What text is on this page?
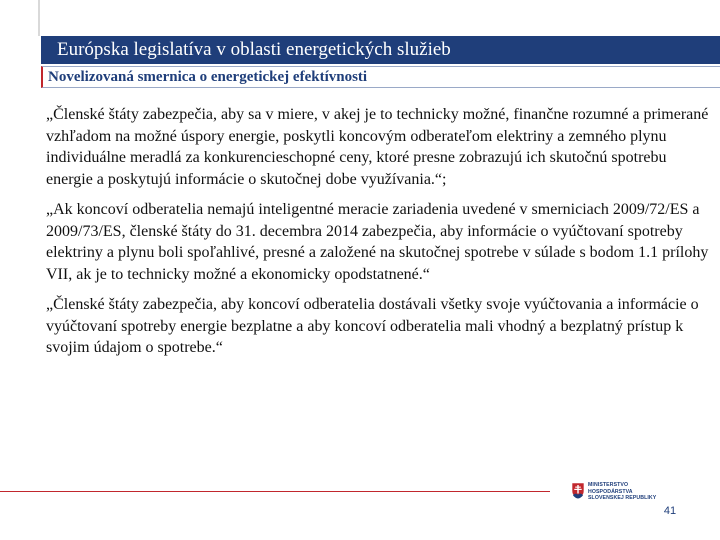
Európska legislatíva v oblasti energetických služieb
Novelizovaná smernica o energetickej efektívnosti

„Členské štáty zabezpečia, aby sa v miere, v akej je to technicky možné, finančne rozumné a primerané vzhľadom na možné úspory energie, poskytli koncovým odberateľom elektriny a zemného plynu individuálne meradlá za konkurencieschopné ceny, ktoré presne zobrazujú ich skutočnú spotrebu energie a poskytujú informácie o skutočnej dobe využívania.“;

„Ak koncoví odberatelia nemajú inteligentné meracie zariadenia uvedené v smerniciach 2009/72/ES a 2009/73/ES, členské štáty do 31. decembra 2014 zabezpečia, aby informácie o vyúčtovaní spotreby elektriny a plynu boli spoľahlivé, presné a založené na skutočnej spotrebe v súlade s bodom 1.1 prílohy VII, ak je to technicky možné a ekonomicky opodstatnené.“

„Členské štáty zabezpečia, aby koncoví odberatelia dostávali všetky svoje vyúčtovania a informácie o vyúčtovaní spotreby energie bezplatne a aby koncoví odberatelia mali vhodný a bezplatný prístup k svojim údajom o spotrebe.“

MINISTERSTVO
HOSPODÁRSTVA
SLOVENSKEJ REPUBLIKY
41
